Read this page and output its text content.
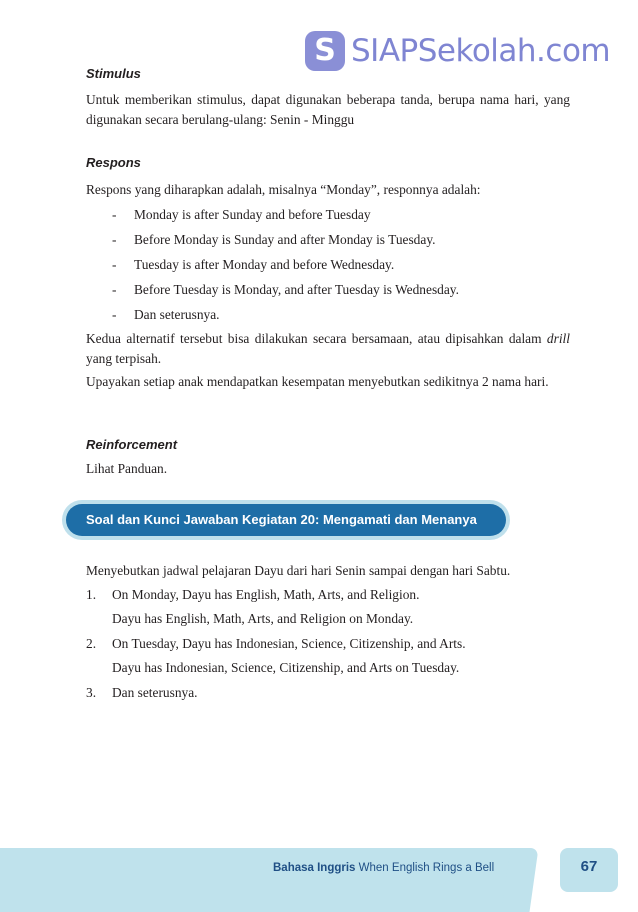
S SIAPSekolah.com
Stimulus
Untuk memberikan stimulus, dapat digunakan beberapa tanda, berupa nama hari, yang digunakan secara berulang-ulang: Senin - Minggu
Respons
Respons yang diharapkan adalah, misalnya “Monday”, responnya adalah:
- Monday is after Sunday and before Tuesday
- Before Monday is Sunday and after Monday is Tuesday.
- Tuesday is after Monday and before Wednesday.
- Before Tuesday is Monday, and after Tuesday is Wednesday.
- Dan seterusnya.
Kedua alternatif tersebut bisa dilakukan secara bersamaan, atau dipisahkan dalam drill yang terpisah.
Upayakan setiap anak mendapatkan kesempatan menyebutkan sedikitnya 2 nama hari.
Reinforcement
Lihat Panduan.
Soal dan Kunci Jawaban Kegiatan 20: Mengamati dan Menanya
Menyebutkan jadwal pelajaran Dayu dari hari Senin sampai dengan hari Sabtu.
1. On Monday, Dayu has English, Math, Arts, and Religion.
Dayu has English, Math, Arts, and Religion on Monday.
2. On Tuesday, Dayu has Indonesian, Science, Citizenship, and Arts.
Dayu has Indonesian, Science, Citizenship, and Arts on Tuesday.
3. Dan seterusnya.
Bahasa Inggris When English Rings a Bell	67
